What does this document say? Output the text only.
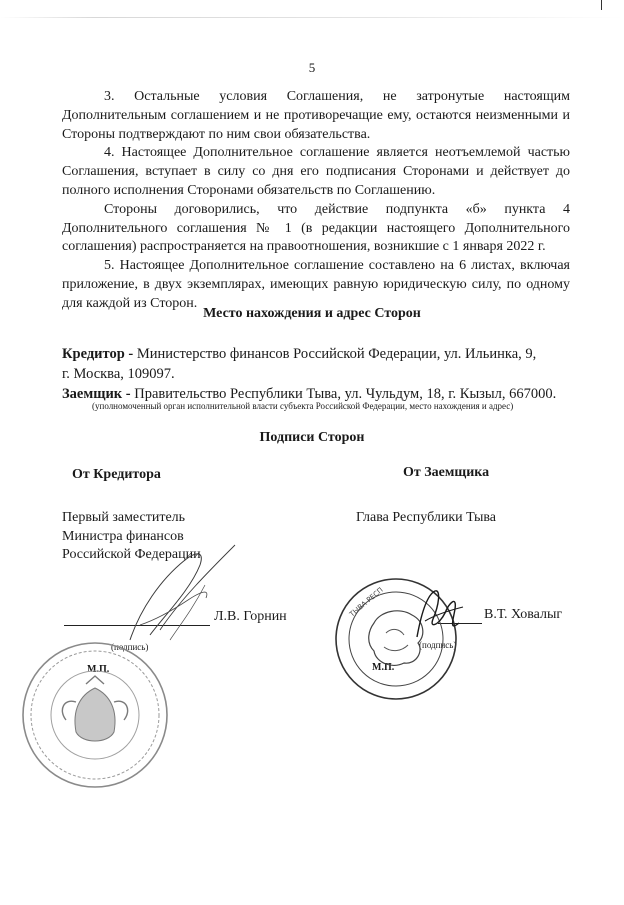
5

3. Остальные условия Соглашения, не затронутые настоящим Дополнительным соглашением и не противоречащие ему, остаются неизменными и Стороны подтверждают по ним свои обязательства.

4. Настоящее Дополнительное соглашение является неотъемлемой частью Соглашения, вступает в силу со дня его подписания Сторонами и действует до полного исполнения Сторонами обязательств по Соглашению.

Стороны договорились, что действие подпункта «б» пункта 4 Дополнительного соглашения № 1 (в редакции настоящего Дополнительного соглашения) распространяется на правоотношения, возникшие с 1 января 2022 г.

5. Настоящее Дополнительное соглашение составлено на 6 листах, включая приложение, в двух экземплярах, имеющих равную юридическую силу, по одному для каждой из Сторон.

Место нахождения и адрес Сторон
Кредитор - Министерство финансов Российской Федерации, ул. Ильинка, 9,
г. Москва, 109097.
Заемщик - Правительство Республики Тыва, ул. Чульдум, 18, г. Кызыл, 667000.
(уполномоченный орган исполнительной власти субъекта Российской Федерации, место нахождения и адрес)
Подписи Сторон
От Кредитора	От Заемщика
Первый заместитель
Министра финансов
Российской Федерации
Глава Республики Тыва
Л.В. Горнин
(подпись)
М.П.
В.Т. Ховалыг
(подпись)
М.П.
ТЫВА РЕСП
